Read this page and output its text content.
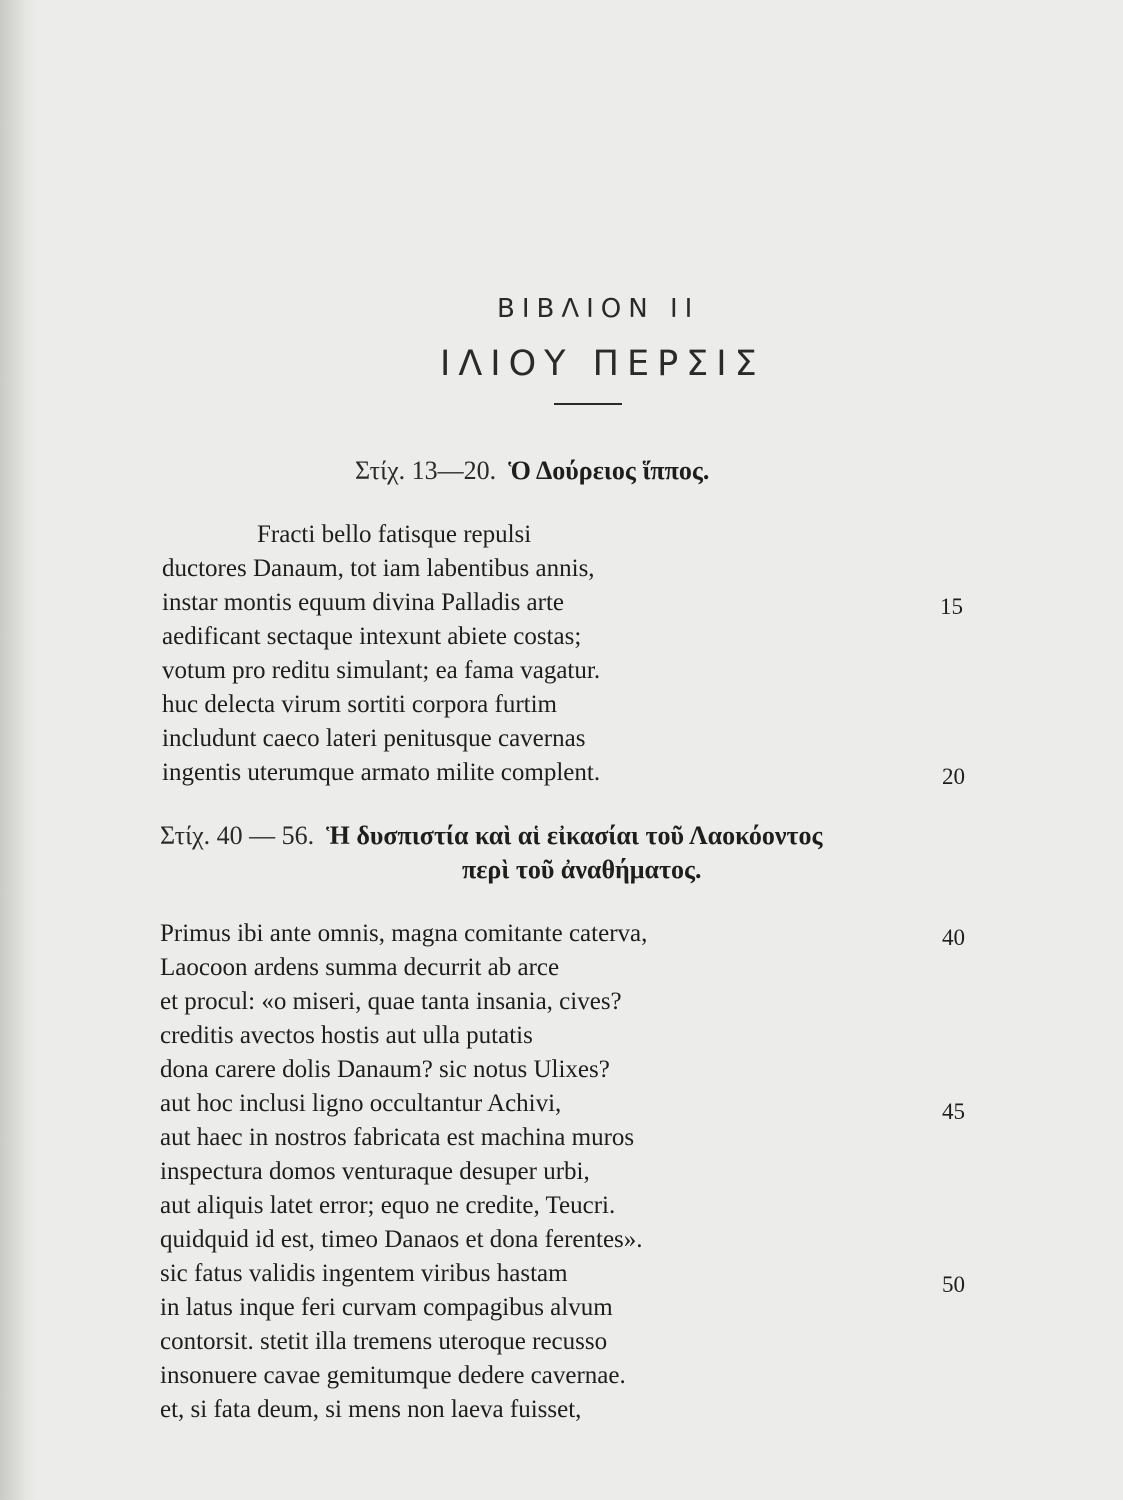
ΒΙΒΛΙΟΝ ΙΙ
ΙΛΙΟΥ ΠΕΡΣΙΣ
Στίχ. 13—20. Ὁ Δούρειος ἵππος.
Fracti bello fatisque repulsi
ductores Danaum, tot iam labentibus annis,
instar montis equum divina Palladis arte
aedificant sectaque intexunt abiete costas;
votum pro reditu simulant; ea fama vagatur.
huc delecta virum sortiti corpora furtim
includunt caeco lateri penitusque cavernas
ingentis uterumque armato milite complent.
15
20
Στίχ. 40 — 56. Ἡ δυσπιστία καὶ αἱ εἰκασίαι τοῦ Λαοκόοντος
περὶ τοῦ ἀναθήματος.
Primus ibi ante omnis, magna comitante caterva,
Laocoon ardens summa decurrit ab arce
et procul: «o miseri, quae tanta insania, cives?
creditis avectos hostis aut ulla putatis
dona carere dolis Danaum? sic notus Ulixes?
aut hoc inclusi ligno occultantur Achivi,
aut haec in nostros fabricata est machina muros
inspectura domos venturaque desuper urbi,
aut aliquis latet error; equo ne credite, Teucri.
quidquid id est, timeo Danaos et dona ferentes».
sic fatus validis ingentem viribus hastam
in latus inque feri curvam compagibus alvum
contorsit. stetit illa tremens uteroque recusso
insonuere cavae gemitumque dedere cavernae.
et, si fata deum, si mens non laeva fuisset,
40
45
50
